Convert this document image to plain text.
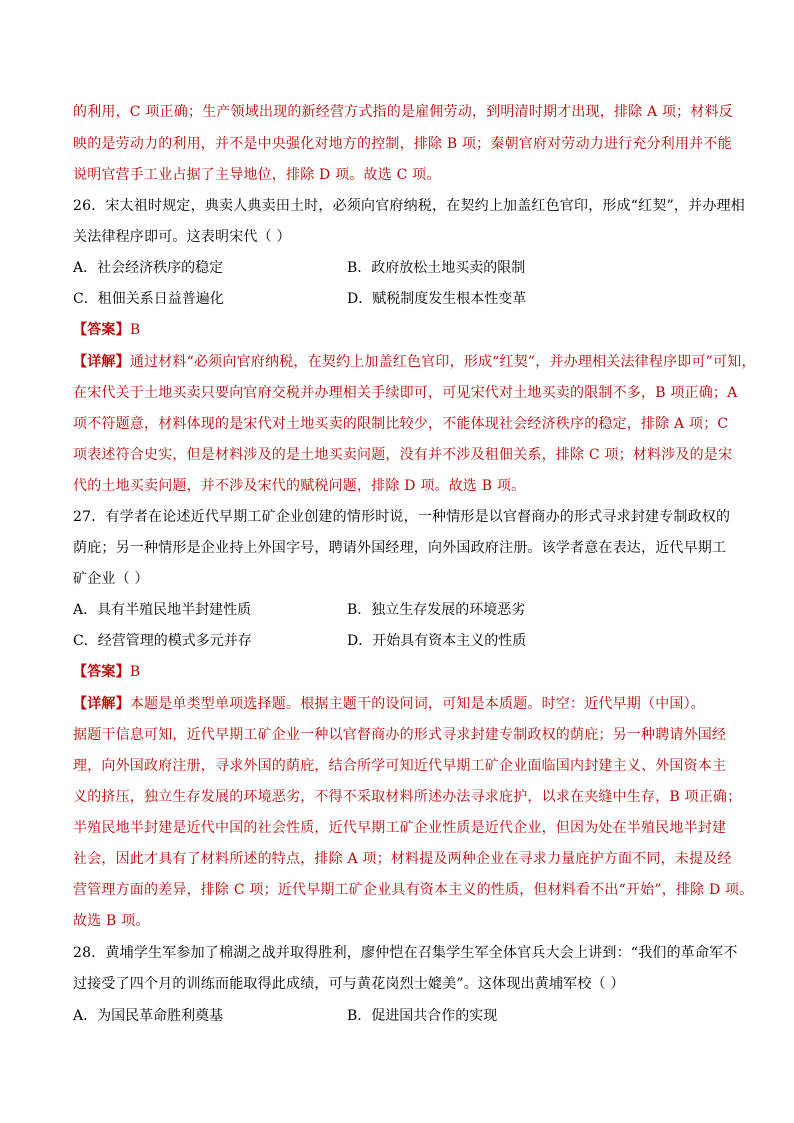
的利用，C 项正确；生产领域出现的新经营方式指的是雇佣劳动，到明清时期才出现，排除 A 项；材料反
映的是劳动力的利用，并不是中央强化对地方的控制，排除 B 项；秦朝官府对劳动力进行充分利用并不能
说明官营手工业占据了主导地位，排除 D 项。故选 C 项。
26．宋太祖时规定，典卖人典卖田土时，必须向官府纳税，在契约上加盖红色官印，形成“红契”，并办理相
关法律程序即可。这表明宋代（ ）
A．社会经济秩序的稳定	B．政府放松土地买卖的限制
C．租佃关系日益普遍化	D．赋税制度发生根本性变革
【答案】B
【详解】通过材料“必须向官府纳税，在契约上加盖红色官印，形成“红契”，并办理相关法律程序即可”可知，
在宋代关于土地买卖只要向官府交税并办理相关手续即可，可见宋代对土地买卖的限制不多，B 项正确；A
项不符题意，材料体现的是宋代对土地买卖的限制比较少，不能体现社会经济秩序的稳定，排除 A 项；C
项表述符合史实，但是材料涉及的是土地买卖问题，没有并不涉及租佃关系，排除 C 项；材料涉及的是宋
代的土地买卖问题，并不涉及宋代的赋税问题，排除 D 项。故选 B 项。
27．有学者在论述近代早期工矿企业创建的情形时说，一种情形是以官督商办的形式寻求封建专制政权的
荫庇；另一种情形是企业持上外国字号，聘请外国经理，向外国政府注册。该学者意在表达，近代早期工
矿企业（ ）
A．具有半殖民地半封建性质	B．独立生存发展的环境恶劣
C．经营管理的模式多元并存	D．开始具有资本主义的性质
【答案】B
【详解】本题是单类型单项选择题。根据主题干的设问词，可知是本质题。时空：近代早期（中国）。
据题干信息可知，近代早期工矿企业一种以官督商办的形式寻求封建专制政权的荫庇；另一种聘请外国经
理，向外国政府注册，寻求外国的荫庇，结合所学可知近代早期工矿企业面临国内封建主义、外国资本主
义的挤压，独立生存发展的环境恶劣，不得不采取材料所述办法寻求庇护，以求在夹缝中生存，B 项正确；
半殖民地半封建是近代中国的社会性质，近代早期工矿企业性质是近代企业，但因为处在半殖民地半封建
社会，因此才具有了材料所述的特点，排除 A 项；材料提及两种企业在寻求力量庇护方面不同，未提及经
营管理方面的差异，排除 C 项；近代早期工矿企业具有资本主义的性质，但材料看不出“开始”，排除 D 项。
故选 B 项。
28．黄埔学生军参加了棉湖之战并取得胜利，廖仲恺在召集学生军全体官兵大会上讲到：“我们的革命军不
过接受了四个月的训练而能取得此成绩，可与黄花岗烈士媲美”。这体现出黄埔军校（ ）
A．为国民革命胜利奠基	B．促进国共合作的实现
